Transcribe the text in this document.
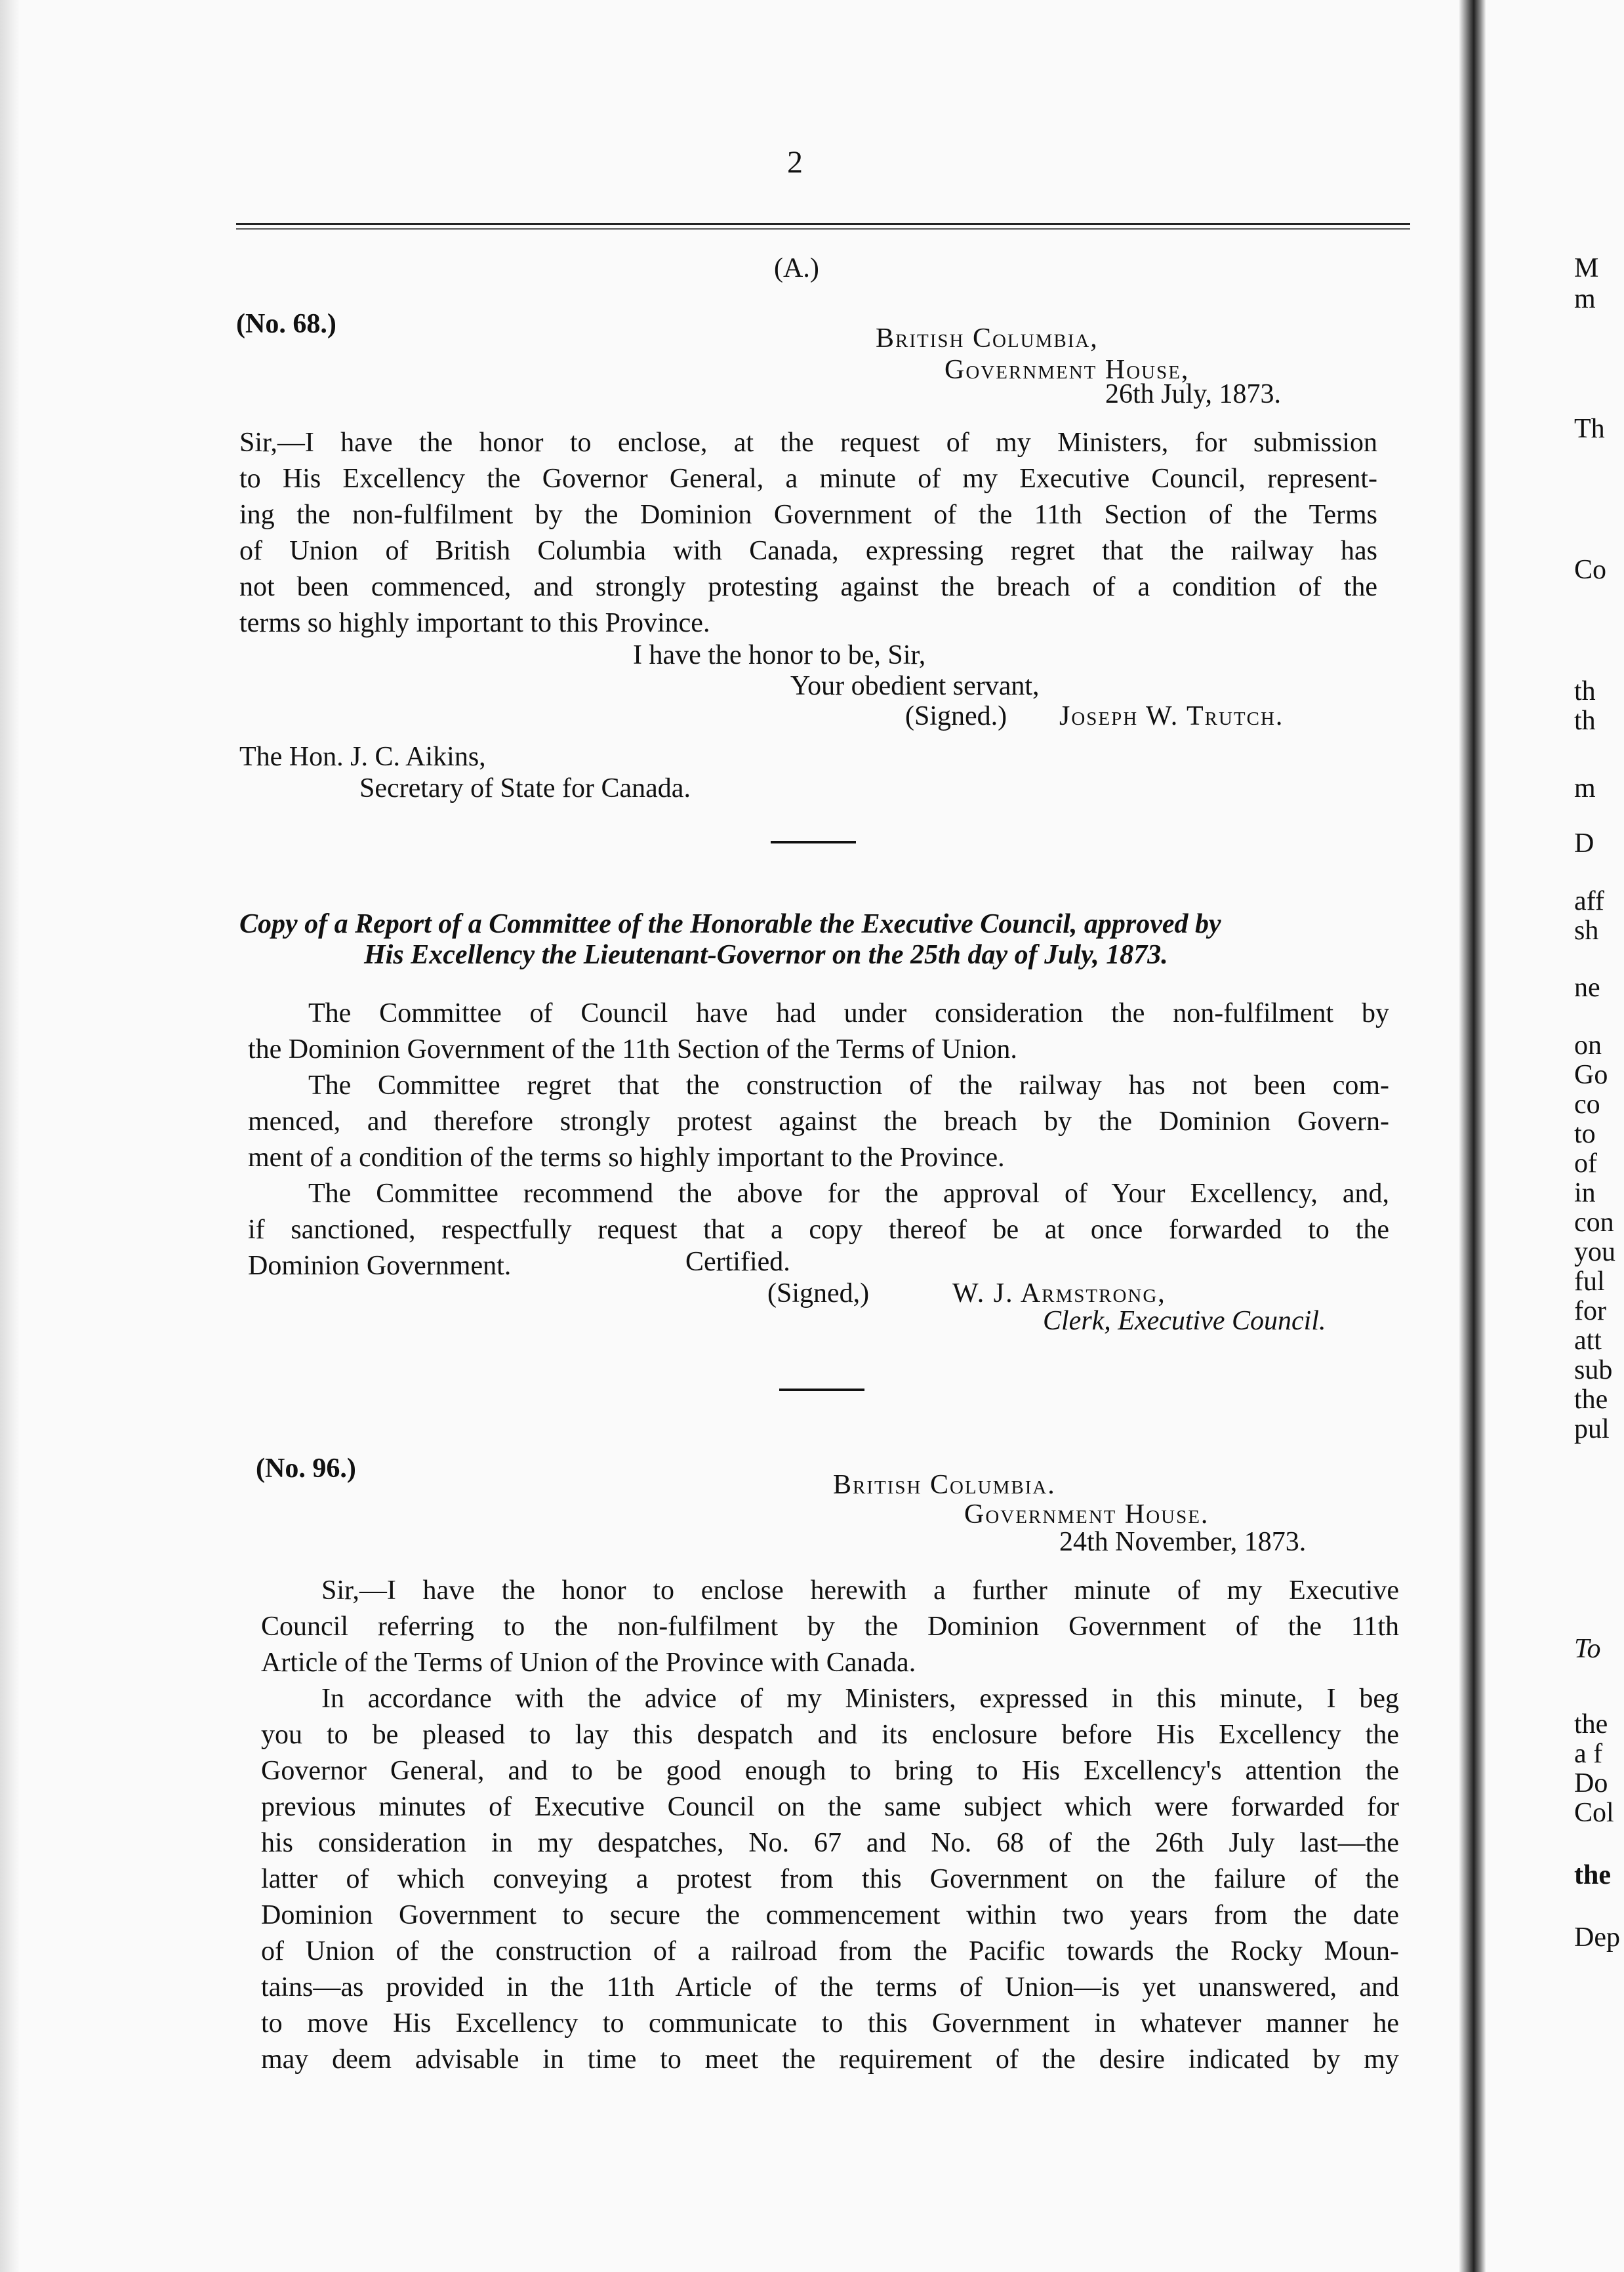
2
(A.)
(No. 68.)	British Columbia,
Government House,
26th July, 1873.
Sir,—I have the honor to enclose, at the request of my Ministers, for submission
to His Excellency the Governor General, a minute of my Executive Council, represent-
ing the non-fulfilment by the Dominion Government of the 11th Section of the Terms
of Union of British Columbia with Canada, expressing regret that the railway has
not been commenced, and strongly protesting against the breach of a condition of the
terms so highly important to this Province.
I have the honor to be, Sir,
Your obedient servant,
(Signed.) Joseph W. Trutch.
The Hon. J. C. Aikins,
Secretary of State for Canada.
Copy of a Report of a Committee of the Honorable the Executive Council, approved by
His Excellency the Lieutenant-Governor on the 25th day of July, 1873.
The Committee of Council have had under consideration the non-fulfilment by
the Dominion Government of the 11th Section of the Terms of Union.
The Committee regret that the construction of the railway has not been com-
menced, and therefore strongly protest against the breach by the Dominion Govern-
ment of a condition of the terms so highly important to the Province.
The Committee recommend the above for the approval of Your Excellency, and,
if sanctioned, respectfully request that a copy thereof be at once forwarded to the
Dominion Government.	Certified.
(Signed,)	W. J. Armstrong,
Clerk, Executive Council.
(No. 96.)
British Columbia.
Government House.
24th November, 1873.
Sir,—I have the honor to enclose herewith a further minute of my Executive
Council referring to the non-fulfilment by the Dominion Government of the 11th
Article of the Terms of Union of the Province with Canada.
In accordance with the advice of my Ministers, expressed in this minute, I beg
you to be pleased to lay this despatch and its enclosure before His Excellency the
Governor General, and to be good enough to bring to His Excellency's attention the
previous minutes of Executive Council on the same subject which were forwarded for
his consideration in my despatches, No. 67 and No. 68 of the 26th July last—the
latter of which conveying a protest from this Government on the failure of the
Dominion Government to secure the commencement within two years from the date
of Union of the construction of a railroad from the Pacific towards the Rocky Moun-
tains—as provided in the 11th Article of the terms of Union—is yet unanswered, and
to move His Excellency to communicate to this Government in whatever manner he
may deem advisable in time to meet the requirement of the desire indicated by my
M
m
Th
Co
th
th
m
D
aff
sh
ne
on
Go
co
to
of
in
con
you
ful
for
att
sub
the
pul
To
the
a f
Do
Col
the
Dep
